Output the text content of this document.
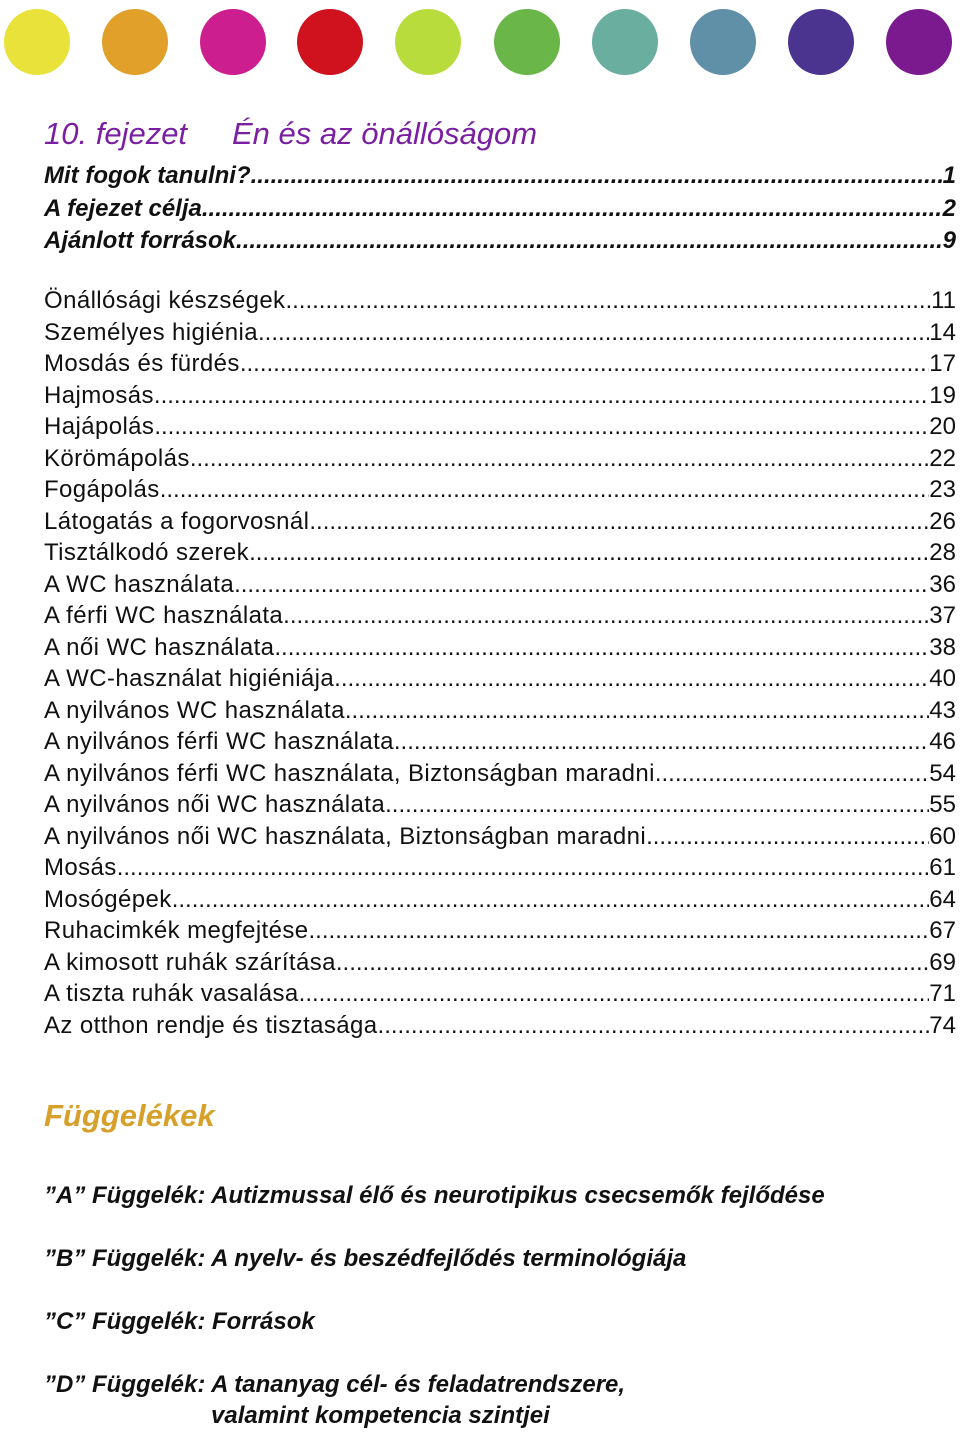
10. fejezet Én és az önállóságom
Mit fogok tanulni? .....	1
A fejezet célja .....	2
Ajánlott források .....	9
Önállósági készségek .....	11
Személyes higiénia .....	14
Mosdás és fürdés .....	17
Hajmosás .....	19
Hajápolás .....	20
Körömápolás .....	22
Fogápolás .....	23
Látogatás a fogorvosnál .....	26
Tisztálkodó szerek .....	28
A WC használata .....	36
A férfi WC használata .....	37
A női WC használata .....	38
A WC-használat higiéniája .....	40
A nyilvános WC használata .....	43
A nyilvános férfi WC használata .....	46
A nyilvános férfi WC használata, Biztonságban maradni .....	54
A nyilvános női WC használata .....	55
A nyilvános női WC használata, Biztonságban maradni .....	60
Mosás .....	61
Mosógépek .....	64
Ruhacimkék megfejtése .....	67
A kimosott ruhák szárítása .....	69
A tiszta ruhák vasalása .....	71
Az otthon rendje és tisztasága .....	74
Függelékek
”A” Függelék: Autizmussal élő és neurotipikus csecsemők fejlődése
”B” Függelék: A nyelv- és beszédfejlődés terminológiája
”C” Függelék: Források
”D” Függelék: A tananyag cél- és feladatrendszere,
valamint kompetencia szintjei
